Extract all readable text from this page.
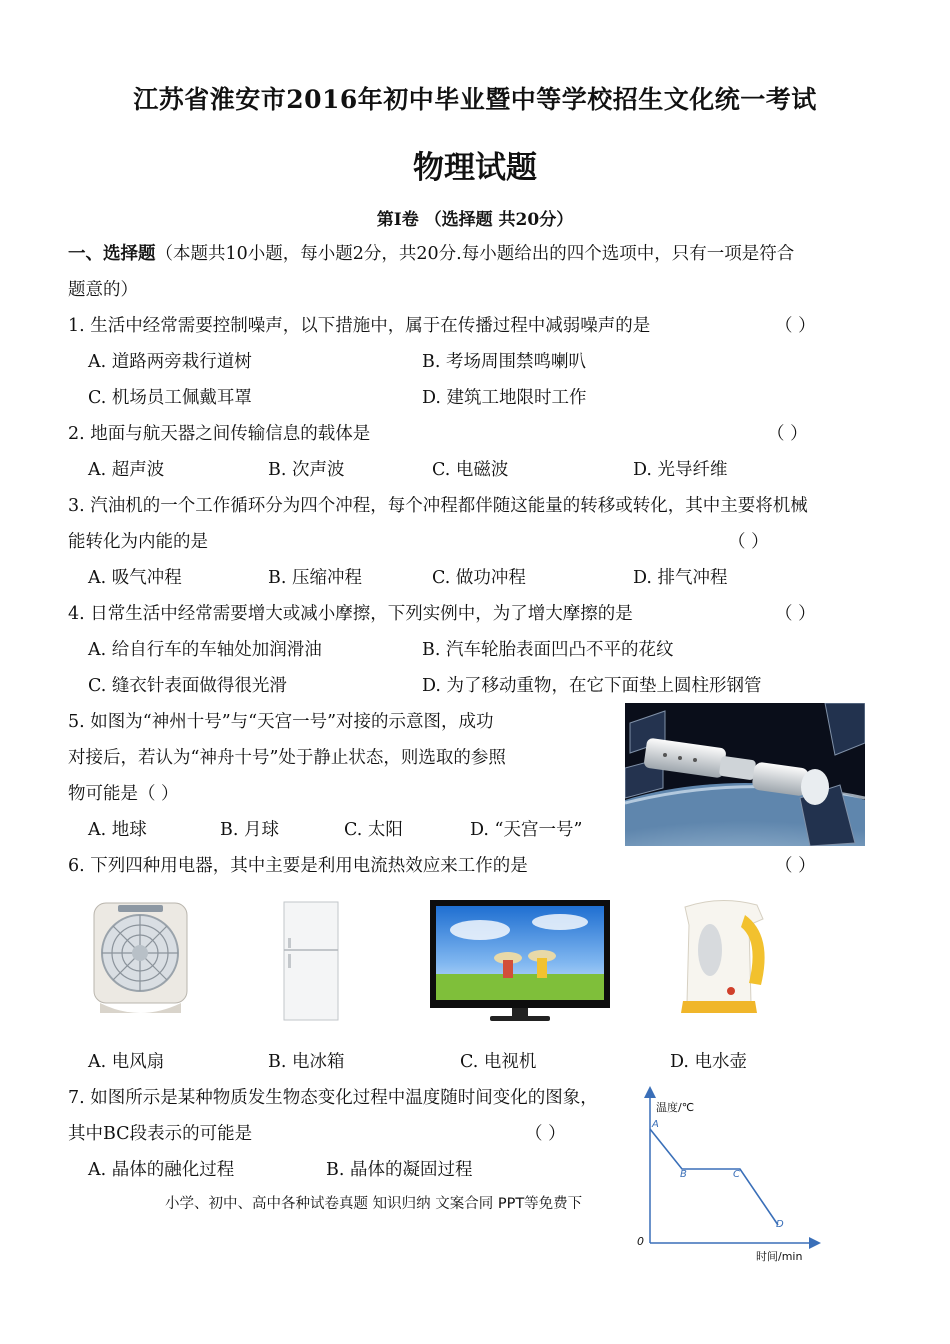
江苏省淮安市2016年初中毕业暨中等学校招生文化统一考试
物理试题
第Ⅰ卷 （选择题 共20分）
一、选择题（本题共10小题，每小题2分，共20分.每小题给出的四个选项中，只有一项是符合
题意的）
1. 生活中经常需要控制噪声，以下措施中，属于在传播过程中减弱噪声的是	（ ）
A. 道路两旁栽行道树	B. 考场周围禁鸣喇叭
C. 机场员工佩戴耳罩	D. 建筑工地限时工作
2. 地面与航天器之间传输信息的载体是	（ ）
A. 超声波	B. 次声波	C. 电磁波	D. 光导纤维
3. 汽油机的一个工作循环分为四个冲程，每个冲程都伴随这能量的转移或转化，其中主要将机械
能转化为内能的是	（ ）
A. 吸气冲程	B. 压缩冲程	C. 做功冲程	D. 排气冲程
4. 日常生活中经常需要增大或减小摩擦，下列实例中，为了增大摩擦的是	（ ）
A. 给自行车的车轴处加润滑油	B. 汽车轮胎表面凹凸不平的花纹
C. 缝衣针表面做得很光滑	D. 为了移动重物，在它下面垫上圆柱形钢管
5. 如图为“神州十号”与“天宫一号”对接的示意图，成功
对接后，若认为“神舟十号”处于静止状态，则选取的参照
物可能是（ ）
A. 地球	B. 月球	C. 太阳	D. “天宫一号”
6. 下列四种用电器，其中主要是利用电流热效应来工作的是	（ ）
A. 电风扇	B. 电冰箱	C. 电视机	D. 电水壶
7. 如图所示是某种物质发生物态变化过程中温度随时间变化的图象，
其中BC段表示的可能是	（ ）
A. 晶体的融化过程	B. 晶体的凝固过程
温度/℃
时间/min
0
A
B	C
D
小学、初中、高中各种试卷真题 知识归纳 文案合同 PPT等免费下
